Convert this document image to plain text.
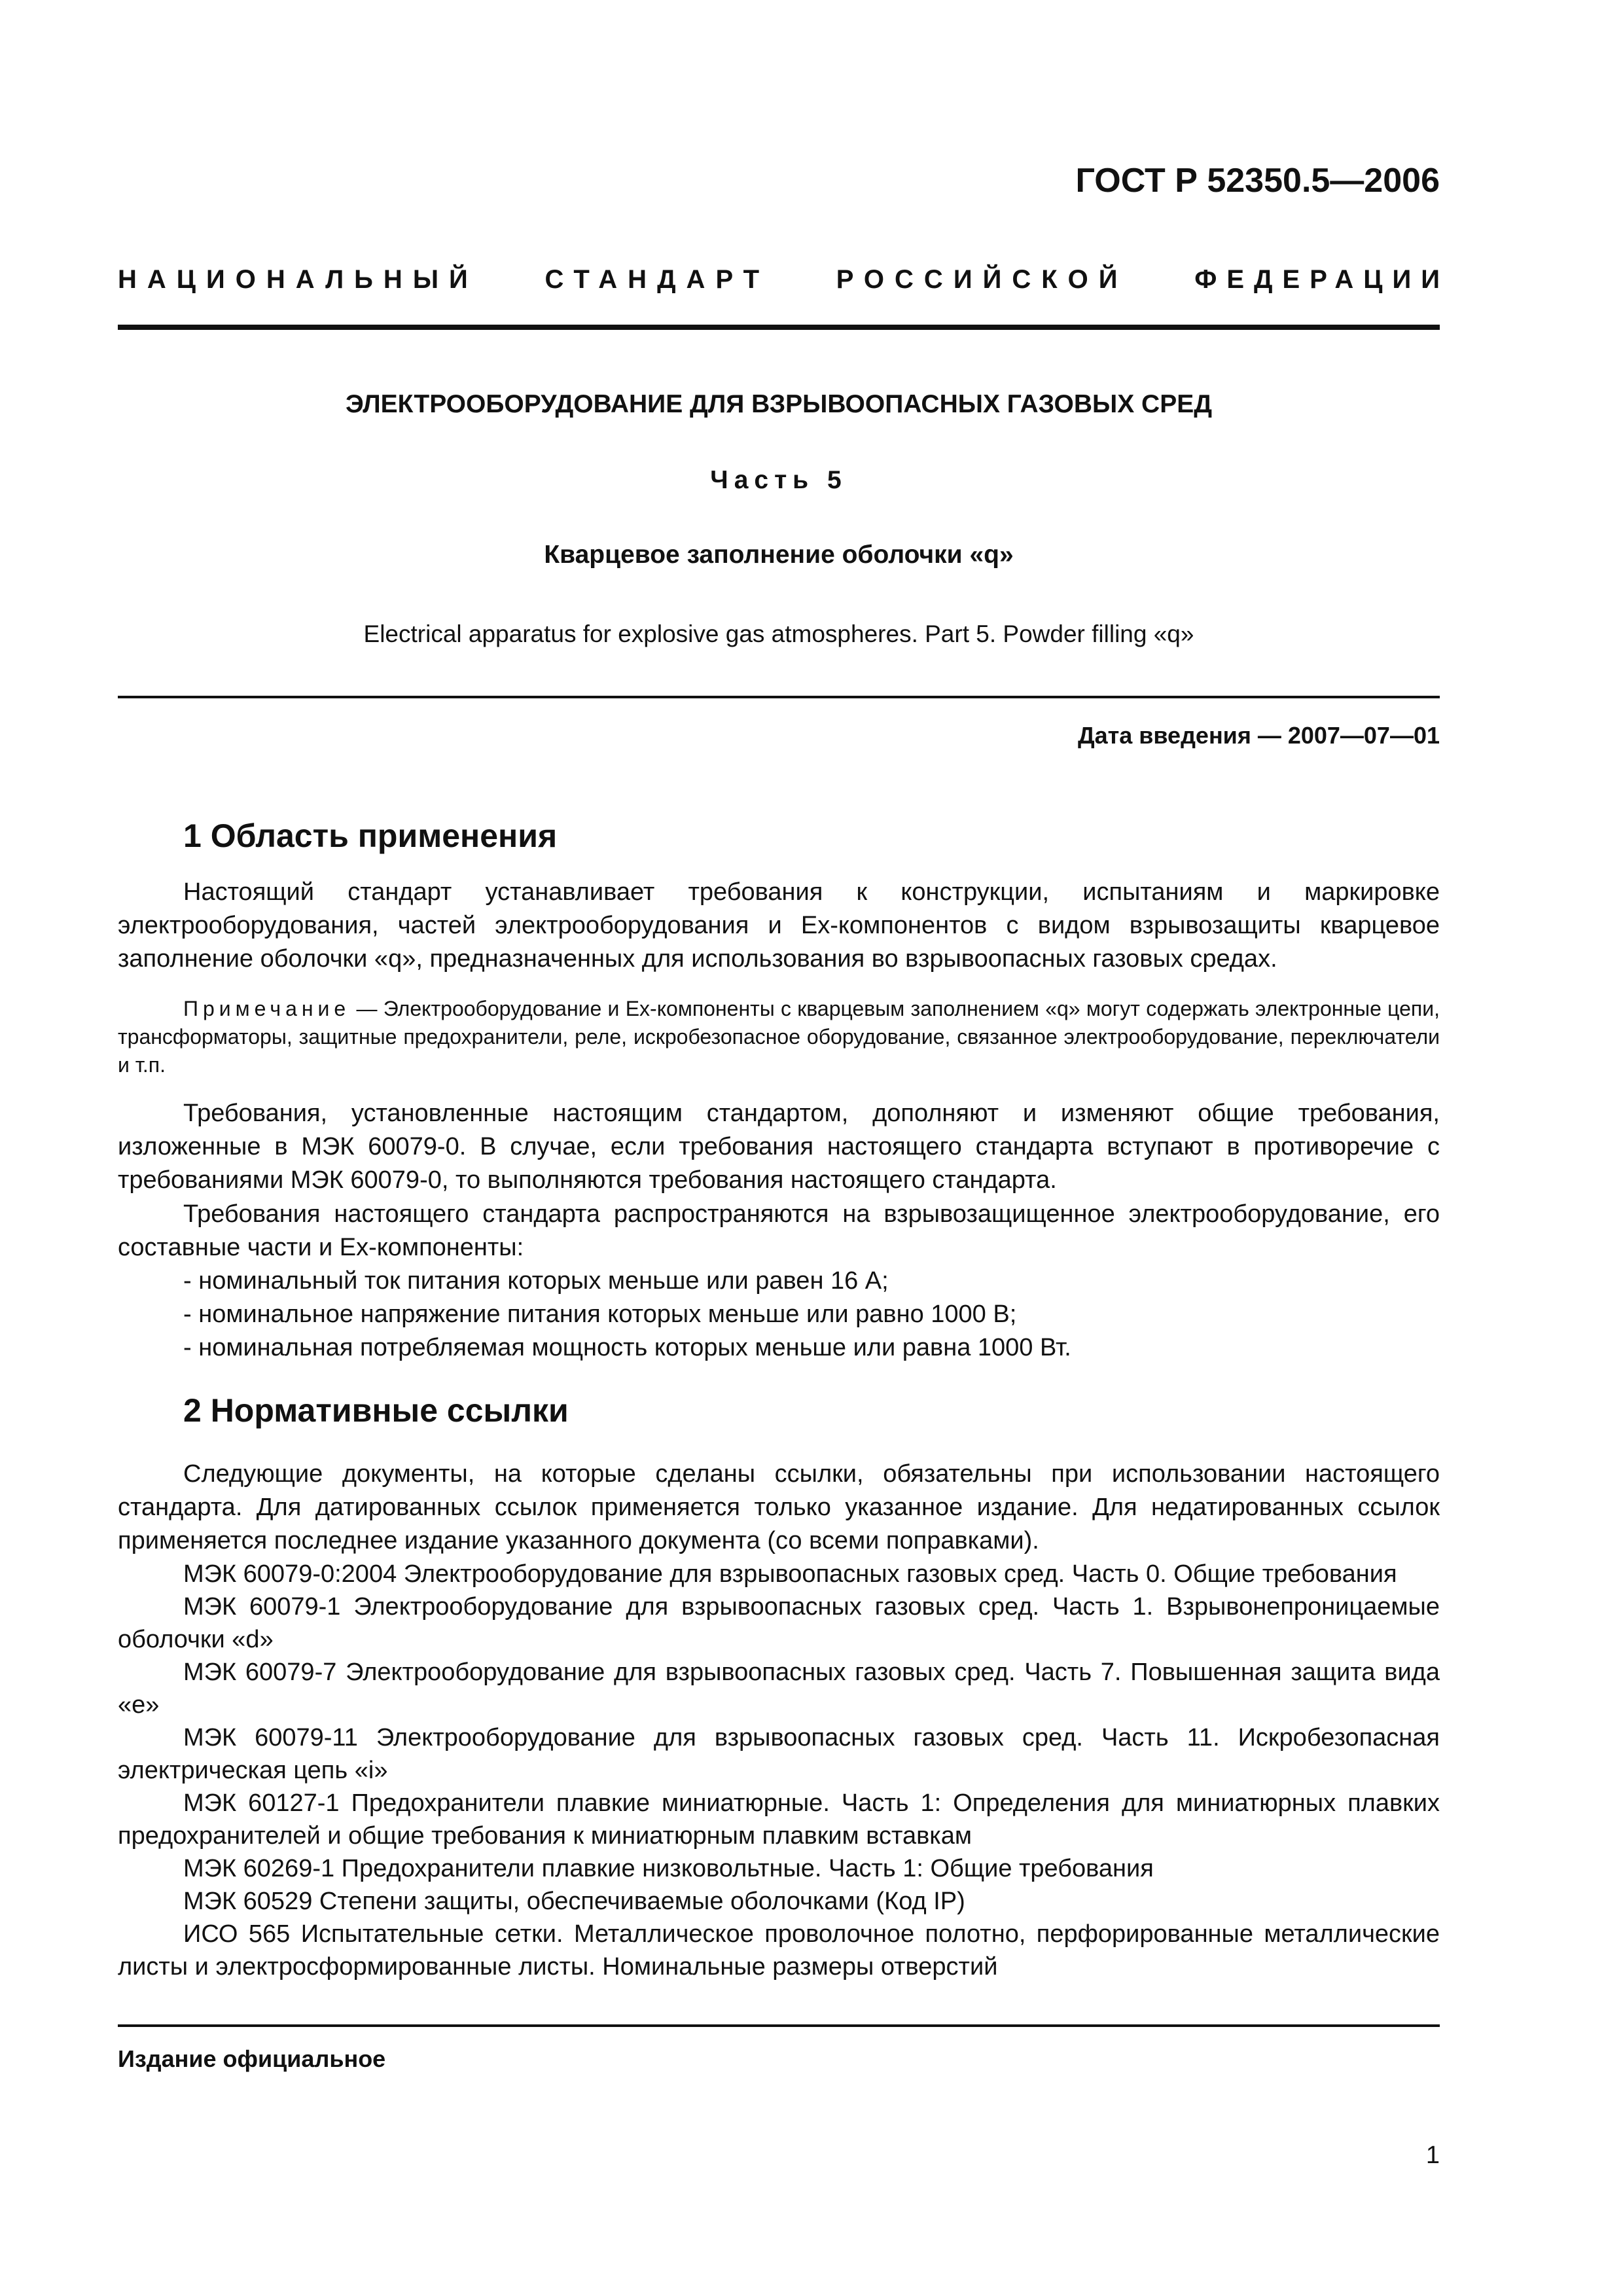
ГОСТ Р 52350.5—2006
НАЦИОНАЛЬНЫЙ	СТАНДАРТ	РОССИЙСКОЙ	ФЕДЕРАЦИИ
ЭЛЕКТРООБОРУДОВАНИЕ ДЛЯ ВЗРЫВООПАСНЫХ ГАЗОВЫХ СРЕД
Часть 5
Кварцевое заполнение оболочки «q»
Electrical apparatus for explosive gas atmospheres. Part 5. Powder filling «q»
Дата введения — 2007—07—01
1 Область применения

Настоящий стандарт устанавливает требования к конструкции, испытаниям и маркировке электрооборудования, частей электрооборудования и Ex-компонентов с видом взрывозащиты кварцевое заполнение оболочки «q», предназначенных для использования во взрывоопасных газовых средах.

Примечание — Электрооборудование и Ex-компоненты с кварцевым заполнением «q» могут содержать электронные цепи, трансформаторы, защитные предохранители, реле, искробезопасное оборудование, связанное электрооборудование, переключатели и т.п.

Требования, установленные настоящим стандартом, дополняют и изменяют общие требования, изложенные в МЭК 60079-0. В случае, если требования настоящего стандарта вступают в противоречие с требованиями МЭК 60079-0, то выполняются требования настоящего стандарта.

Требования настоящего стандарта распространяются на взрывозащищенное электрооборудование, его составные части и Ex-компоненты:

- номинальный ток питания которых меньше или равен 16 А;

- номинальное напряжение питания которых меньше или равно 1000 В;

- номинальная потребляемая мощность которых меньше или равна 1000 Вт.

2 Нормативные ссылки

Следующие документы, на которые сделаны ссылки, обязательны при использовании настоящего стандарта. Для датированных ссылок применяется только указанное издание. Для недатированных ссылок применяется последнее издание указанного документа (со всеми поправками).

МЭК 60079-0:2004 Электрооборудование для взрывоопасных газовых сред. Часть 0. Общие требования

МЭК 60079-1 Электрооборудование для взрывоопасных газовых сред. Часть 1. Взрывонепроницаемые оболочки «d»

МЭК 60079-7 Электрооборудование для взрывоопасных газовых сред. Часть 7. Повышенная защита вида «е»

МЭК 60079-11 Электрооборудование для взрывоопасных газовых сред. Часть 11. Искробезопасная электрическая цепь «i»

МЭК 60127-1 Предохранители плавкие миниатюрные. Часть 1: Определения для миниатюрных плавких предохранителей и общие требования к миниатюрным плавким вставкам

МЭК 60269-1 Предохранители плавкие низковольтные. Часть 1: Общие требования

МЭК 60529 Степени защиты, обеспечиваемые оболочками (Код IP)

ИСО 565 Испытательные сетки. Металлическое проволочное полотно, перфорированные металлические листы и электросформированные листы. Номинальные размеры отверстий

Издание официальное
1
